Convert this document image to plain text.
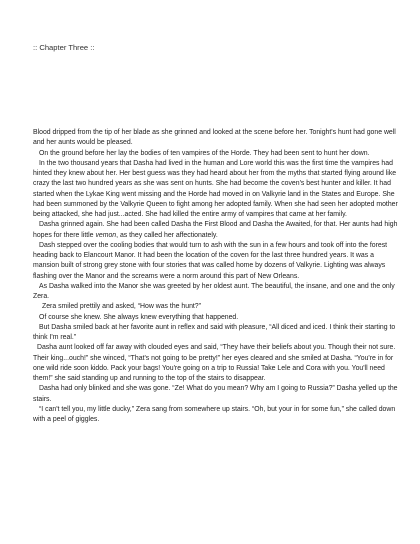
:: Chapter Three ::

Blood dripped from the tip of her blade as she grinned and looked at the scene before her. Tonight's hunt had gone well and her aunts would be pleased.

On the ground before her lay the bodies of ten vampires of the Horde. They had been sent to hunt her down.

In the two thousand years that Dasha had lived in the human and Lore world this was the first time the vampires had hinted they knew about her. Her best guess was they had heard about her from the myths that started flying around like crazy the last two hundred years as she was sent on hunts. She had become the coven's best hunter and killer. It had started when the Lykae King went missing and the Horde had moved in on Valkyrie land in the States and Europe. She had been summoned by the Valkyrie Queen to fight among her adopted family. When she had seen her adopted mother being attacked, she had just...acted. She had killed the entire army of vampires that came at her family.

Dasha grinned again. She had been called Dasha the First Blood and Dasha the Awaited, for that. Her aunts had high hopes for there little vemon, as they called her affectionately.

Dash stepped over the cooling bodies that would turn to ash with the sun in a few hours and took off into the forest heading back to Elancourt Manor. It had been the location of the coven for the last three hundred years. It was a mansion built of strong grey stone with four stories that was called home by dozens of Valkyrie. Lighting was always flashing over the Manor and the screams were a norm around this part of New Orleans.

As Dasha walked into the Manor she was greeted by her oldest aunt. The beautiful, the insane, and one and the only Zera.

Zera smiled prettily and asked, “How was the hunt?”

Of course she knew. She always knew everything that happened.

But Dasha smiled back at her favorite aunt in reflex and said with pleasure, “All diced and iced. I think their starting to think I'm real.”

Dasha aunt looked off far away with clouded eyes and said, “They have their beliefs about you. Though their not sure. Their king...ouch!” she winced, “That's not going to be pretty!” her eyes cleared and she smiled at Dasha. “You're in for one wild ride soon kiddo. Pack your bags! You're going on a trip to Russia! Take Lele and Cora with you. You'll need them!” she said standing up and running to the top of the stairs to disappear.

Dasha had only blinked and she was gone. “Ze! What do you mean? Why am I going to Russia?” Dasha yelled up the stairs.

“I can't tell you, my little ducky,” Zera sang from somewhere up stairs. “Oh, but your in for some fun,” she called down with a peel of giggles.
